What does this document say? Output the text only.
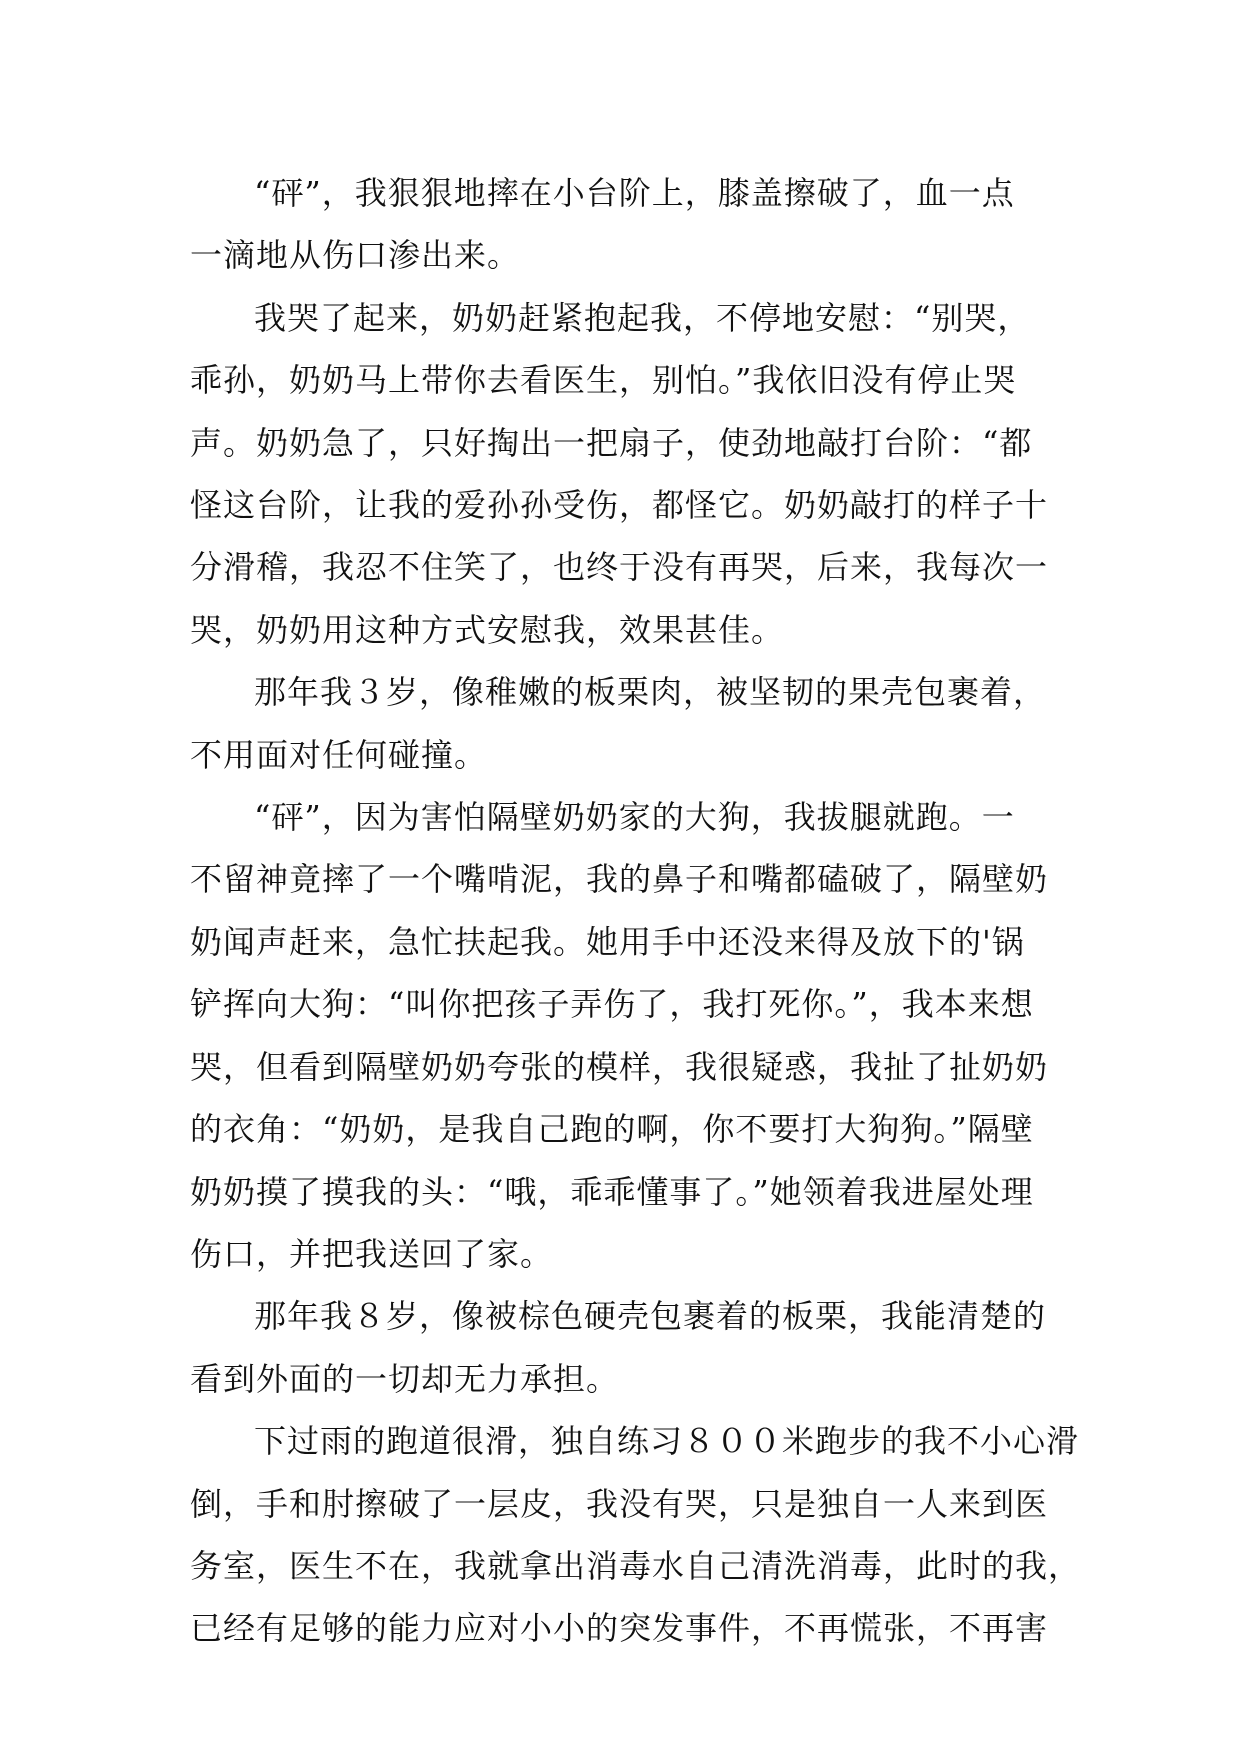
“砰”，我狠狠地摔在小台阶上，膝盖擦破了，血一点
一滴地从伤口渗出来。
我哭了起来，奶奶赶紧抱起我，不停地安慰：“别哭，
乖孙，奶奶马上带你去看医生，别怕。”我依旧没有停止哭
声。奶奶急了，只好掏出一把扇子，使劲地敲打台阶：“都
怪这台阶，让我的爱孙孙受伤，都怪它。奶奶敲打的样子十
分滑稽，我忍不住笑了，也终于没有再哭，后来，我每次一
哭，奶奶用这种方式安慰我，效果甚佳。
那年我３岁，像稚嫩的板栗肉，被坚韧的果壳包裹着，
不用面对任何碰撞。
“砰”，因为害怕隔壁奶奶家的大狗，我拔腿就跑。一
不留神竟摔了一个嘴啃泥，我的鼻子和嘴都磕破了，隔壁奶
奶闻声赶来，急忙扶起我。她用手中还没来得及放下的'锅
铲挥向大狗：“叫你把孩子弄伤了，我打死你。”，我本来想
哭，但看到隔壁奶奶夸张的模样，我很疑惑，我扯了扯奶奶
的衣角：“奶奶，是我自己跑的啊，你不要打大狗狗。”隔壁
奶奶摸了摸我的头：“哦，乖乖懂事了。”她领着我进屋处理
伤口，并把我送回了家。
那年我８岁，像被棕色硬壳包裹着的板栗，我能清楚的
看到外面的一切却无力承担。
下过雨的跑道很滑，独自练习８００米跑步的我不小心滑
倒，手和肘擦破了一层皮，我没有哭，只是独自一人来到医
务室，医生不在，我就拿出消毒水自己清洗消毒，此时的我，
已经有足够的能力应对小小的突发事件，不再慌张，不再害
